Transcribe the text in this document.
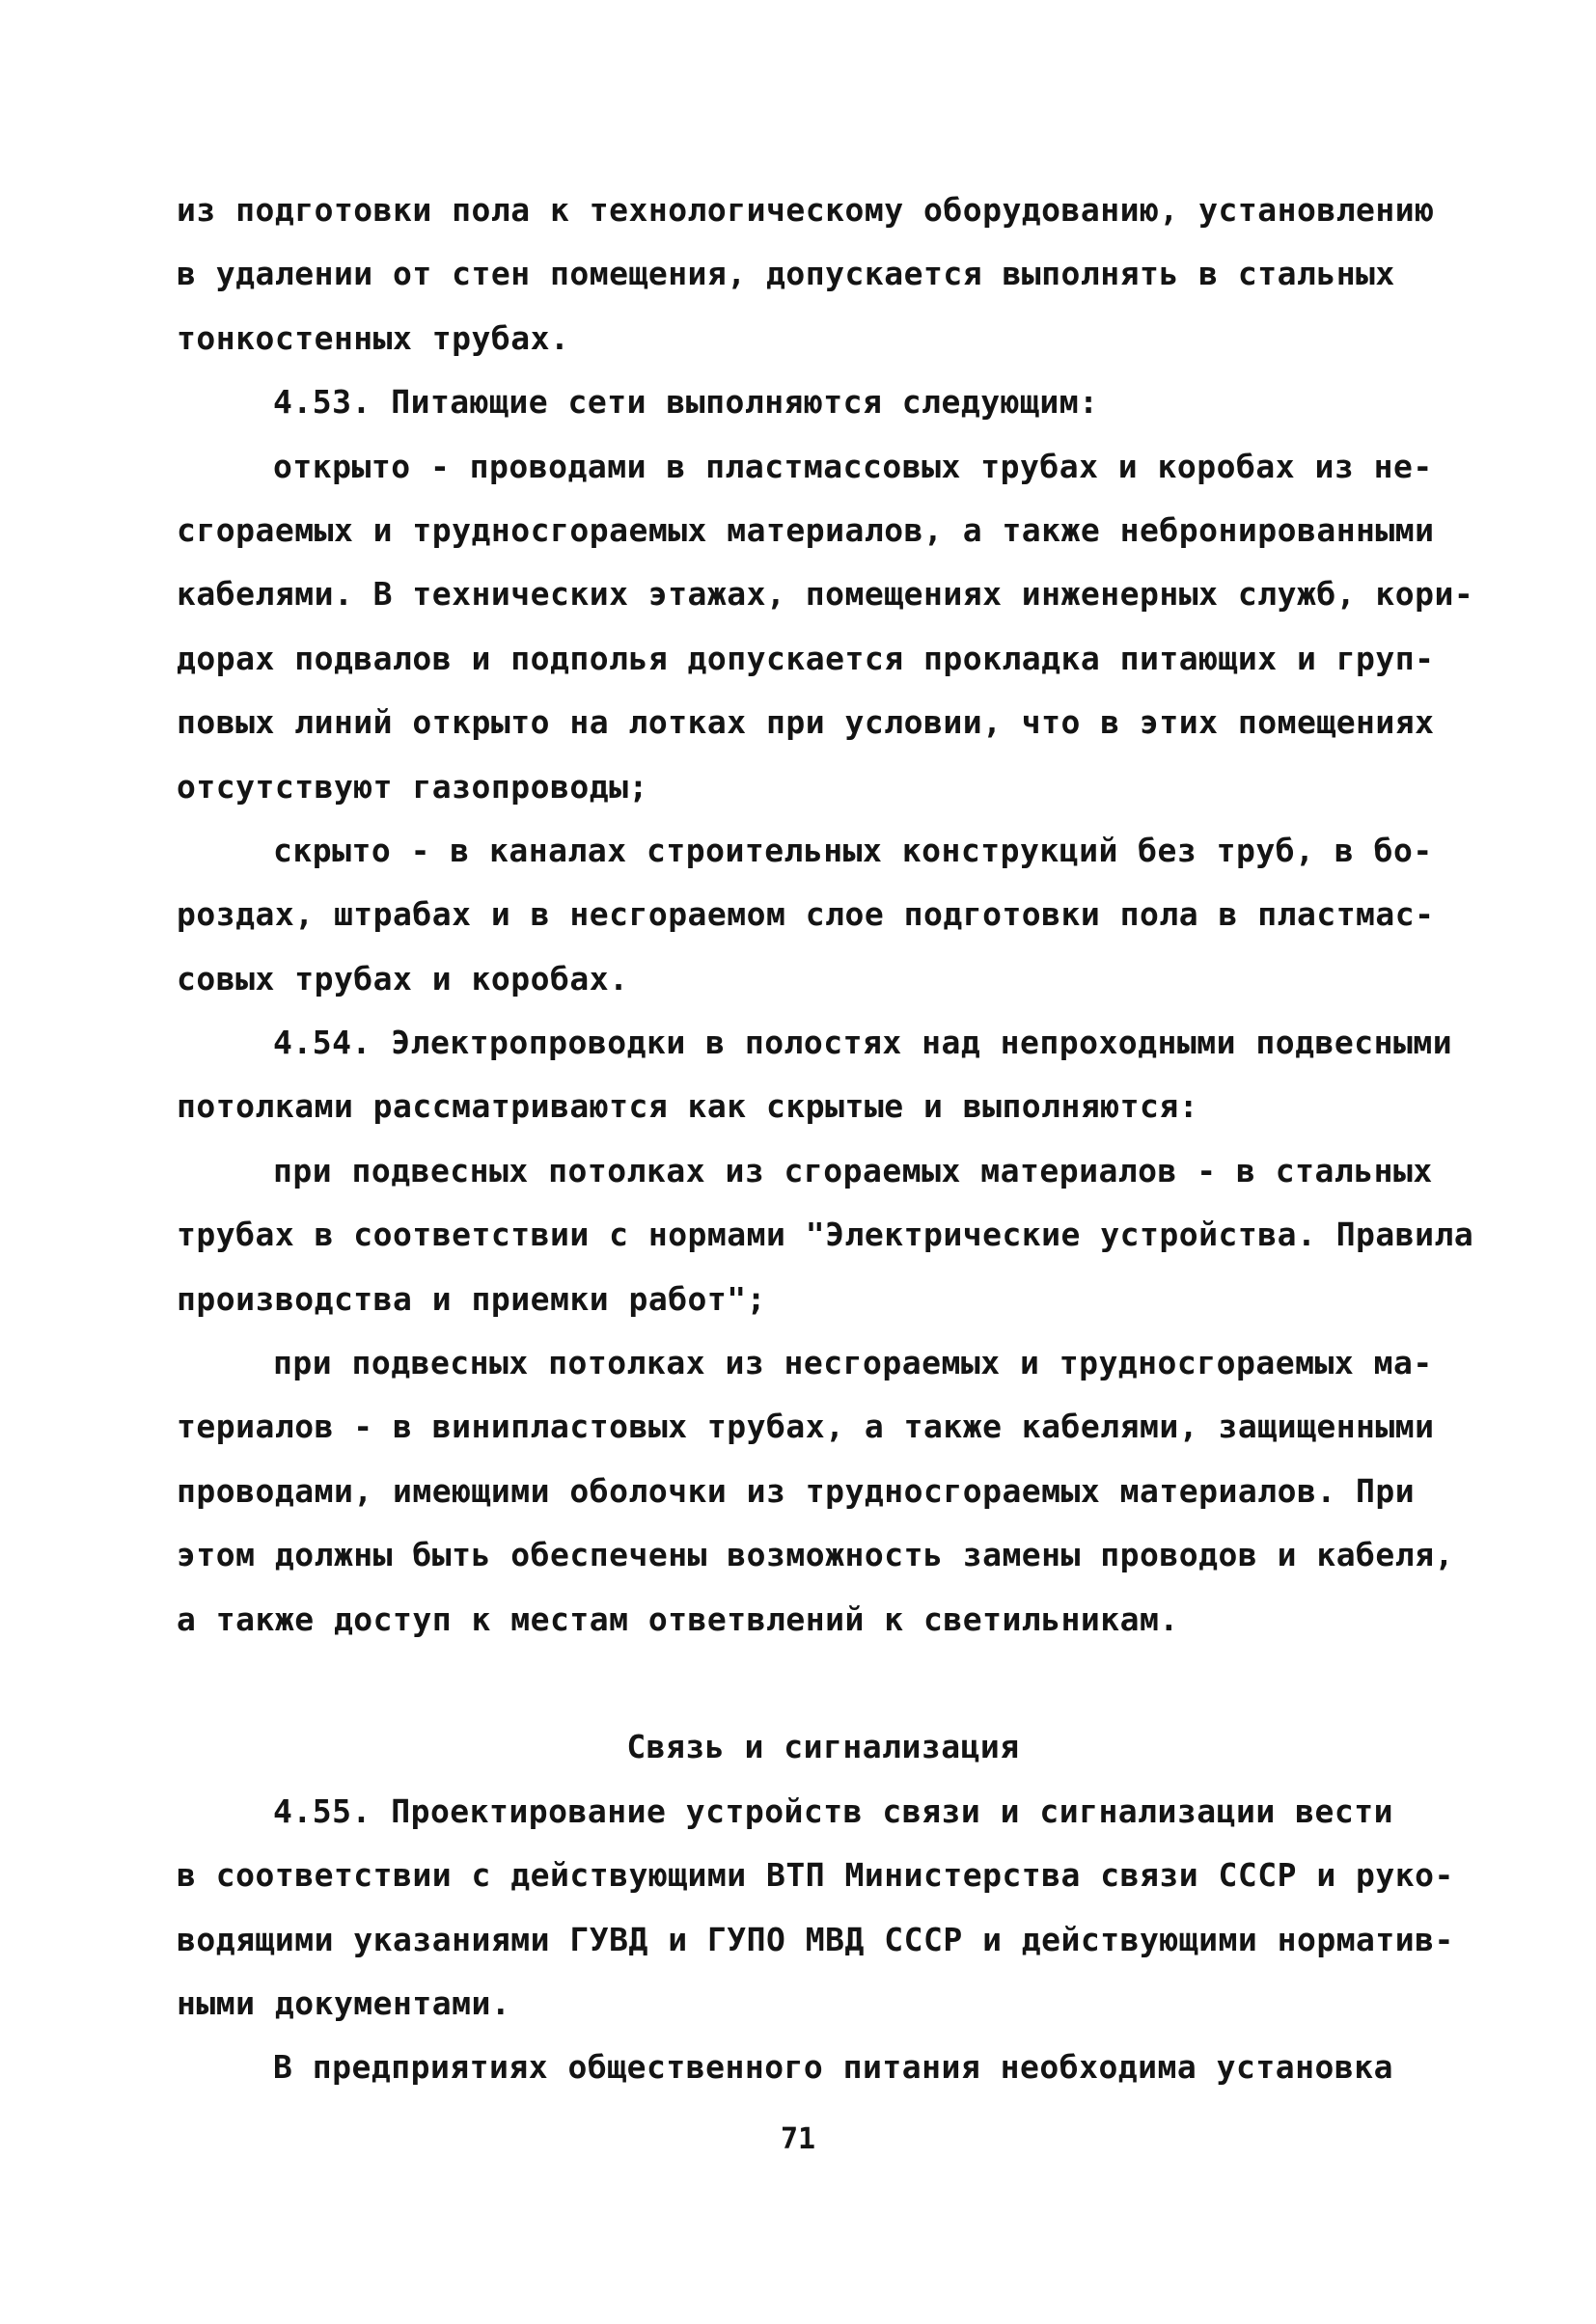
из подготовки пола к технологическому оборудованию, установлению
в удалении от стен помещения, допускается выполнять в стальных
тонкостенных трубах.
4.53. Питающие сети выполняются следующим:
открыто - проводами в пластмассовых трубах и коробах из не-
сгораемых и трудносгораемых материалов, а также небронированными
кабелями. В технических этажах, помещениях инженерных служб, кори-
дорах подвалов и подполья допускается прокладка питающих и груп-
повых линий открыто на лотках при условии, что в этих помещениях
отсутствуют газопроводы;
скрыто - в каналах строительных конструкций без труб, в бо-
роздах, штрабах и в несгораемом слое подготовки пола в пластмас-
совых трубах и коробах.
4.54. Электропроводки в полостях над непроходными подвесными
потолками рассматриваются как скрытые и выполняются:
при подвесных потолках из сгораемых материалов - в стальных
трубах в соответствии с нормами "Электрические устройства. Правила
производства и приемки работ";
при подвесных потолках из несгораемых и трудносгораемых ма-
териалов - в винипластовых трубах, а также кабелями, защищенными
проводами, имеющими оболочки из трудносгораемых материалов. При
этом должны быть обеспечены возможность замены проводов и кабеля,
а также доступ к местам ответвлений к светильникам.
Связь и сигнализация
4.55. Проектирование устройств связи и сигнализации вести
в соответствии с действующими ВТП Министерства связи СССР и руко-
водящими указаниями ГУВД и ГУПО МВД СССР и действующими норматив-
ными документами.
В предприятиях общественного питания необходима установка
71
